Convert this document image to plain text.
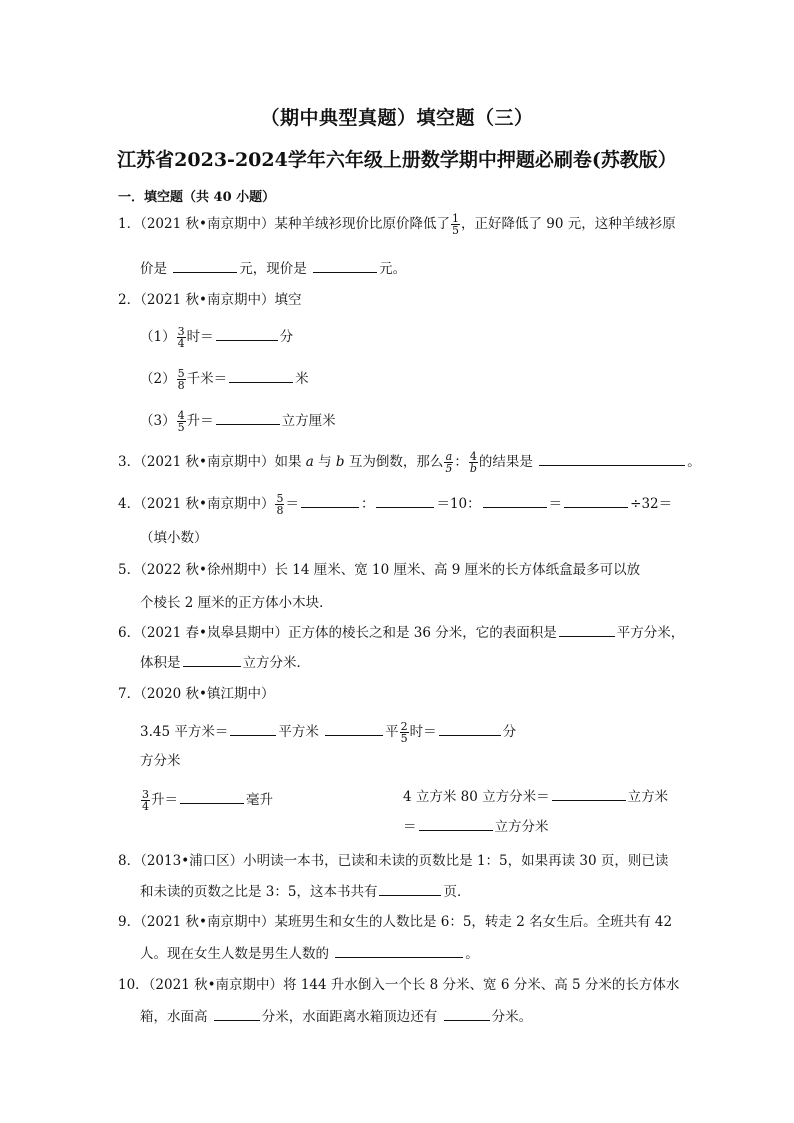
（期中典型真题）填空题（三）
江苏省2023-2024学年六年级上册数学期中押题必刷卷(苏教版）
一．填空题（共 40 小题）
1．（2021 秋•南京期中）某种羊绒衫现价比原价降低了 $\frac{1}{5}$ ，正好降低了 90 元，这种羊绒衫原
价是	元，现价是	元。
2．（2021 秋•南京期中）填空
$(1) \frac{3}{4}$ 时＝	分
$(2) \frac{5}{8}$ 千米＝	米
$(3) \frac{4}{5}$ 升＝	立方厘米
3．（2021 秋•南京期中）如果 a 与 b 互为倒数，那么 $\frac{a}{5}$ ： $\frac{4}{b}$ 的结果是	。
4．（2021 秋•南京期中） $\frac{5}{8}$ ＝	：	＝10：	＝	÷32＝
（填小数）
5．（2022 秋•徐州期中）长 14 厘米、宽 10 厘米、高 9 厘米的长方体纸盒最多可以放
个棱长 2 厘米的正方体小木块．
6．（2021 春•岚皋县期中）正方体的棱长之和是 36 分米，它的表面积是	平方分米，
体积是	立方分米．
7．（2020 秋•镇江期中）
3.45 平方米＝	平方米	平 $\frac{2}{5}$ 时＝	分
方分米
$\frac{3}{4}$ 升＝	毫升	4 立方米 80 立方分米＝	立方米
＝	立方分米
8．（2013•浦口区）小明读一本书，已读和未读的页数比是 1：5，如果再读 30 页，则已读
和未读的页数之比是 3：5，这本书共有	页．
9．（2021 秋•南京期中）某班男生和女生的人数比是 6：5，转走 2 名女生后。全班共有 42
人。现在女生人数是男生人数的	。
10．（2021 秋•南京期中）将 144 升水倒入一个长 8 分米、宽 6 分米、高 5 分米的长方体水
箱，水面高	分米，水面距离水箱顶边还有	分米。
